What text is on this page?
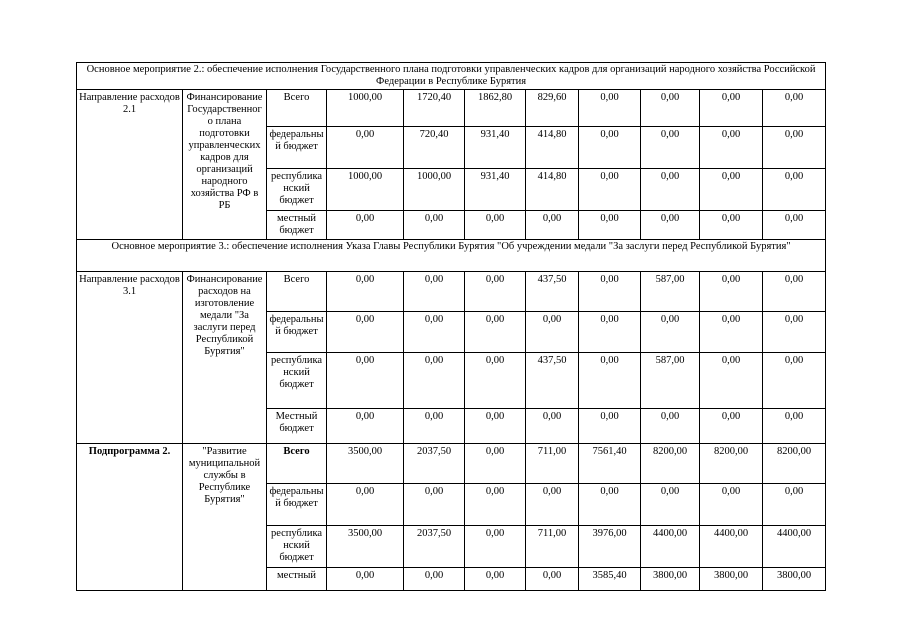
Основное мероприятие 2.: обеспечение исполнения Государственного плана подготовки управленческих кадров для организаций народного хозяйства Российской Федерации в Республике Бурятия										
Направление расходов 2.1	Финансирование Государственного плана подготовки управленческих кадров для организаций народного хозяйства РФ в РБ	Всего	1000,00	1720,40	1862,80	829,60	0,00	0,00	0,00	0,00
		федеральный бюджет	0,00	720,40	931,40	414,80	0,00	0,00	0,00	0,00
		республиканский бюджет	1000,00	1000,00	931,40	414,80	0,00	0,00	0,00	0,00
		местный бюджет	0,00	0,00	0,00	0,00	0,00	0,00	0,00	0,00
Основное мероприятие 3.: обеспечение исполнения Указа Главы Республики Бурятия "Об учреждении медали "За заслуги перед Республикой Бурятия"										
Направление расходов 3.1	Финансирование расходов на изготовление медали "За заслуги перед Республикой Бурятия"	Всего	0,00	0,00	0,00	437,50	0,00	587,00	0,00	0,00
		федеральный бюджет	0,00	0,00	0,00	0,00	0,00	0,00	0,00	0,00
		республиканский бюджет	0,00	0,00	0,00	437,50	0,00	587,00	0,00	0,00
		Местный бюджет	0,00	0,00	0,00	0,00	0,00	0,00	0,00	0,00
Подпрограмма 2.	"Развитие муниципальной службы в Республике Бурятия"	Всего	3500,00	2037,50	0,00	711,00	7561,40	8200,00	8200,00	8200,00
		федеральный бюджет	0,00	0,00	0,00	0,00	0,00	0,00	0,00	0,00
		республиканский бюджет	3500,00	2037,50	0,00	711,00	3976,00	4400,00	4400,00	4400,00
		местный	0,00	0,00	0,00	0,00	3585,40	3800,00	3800,00	3800,00
